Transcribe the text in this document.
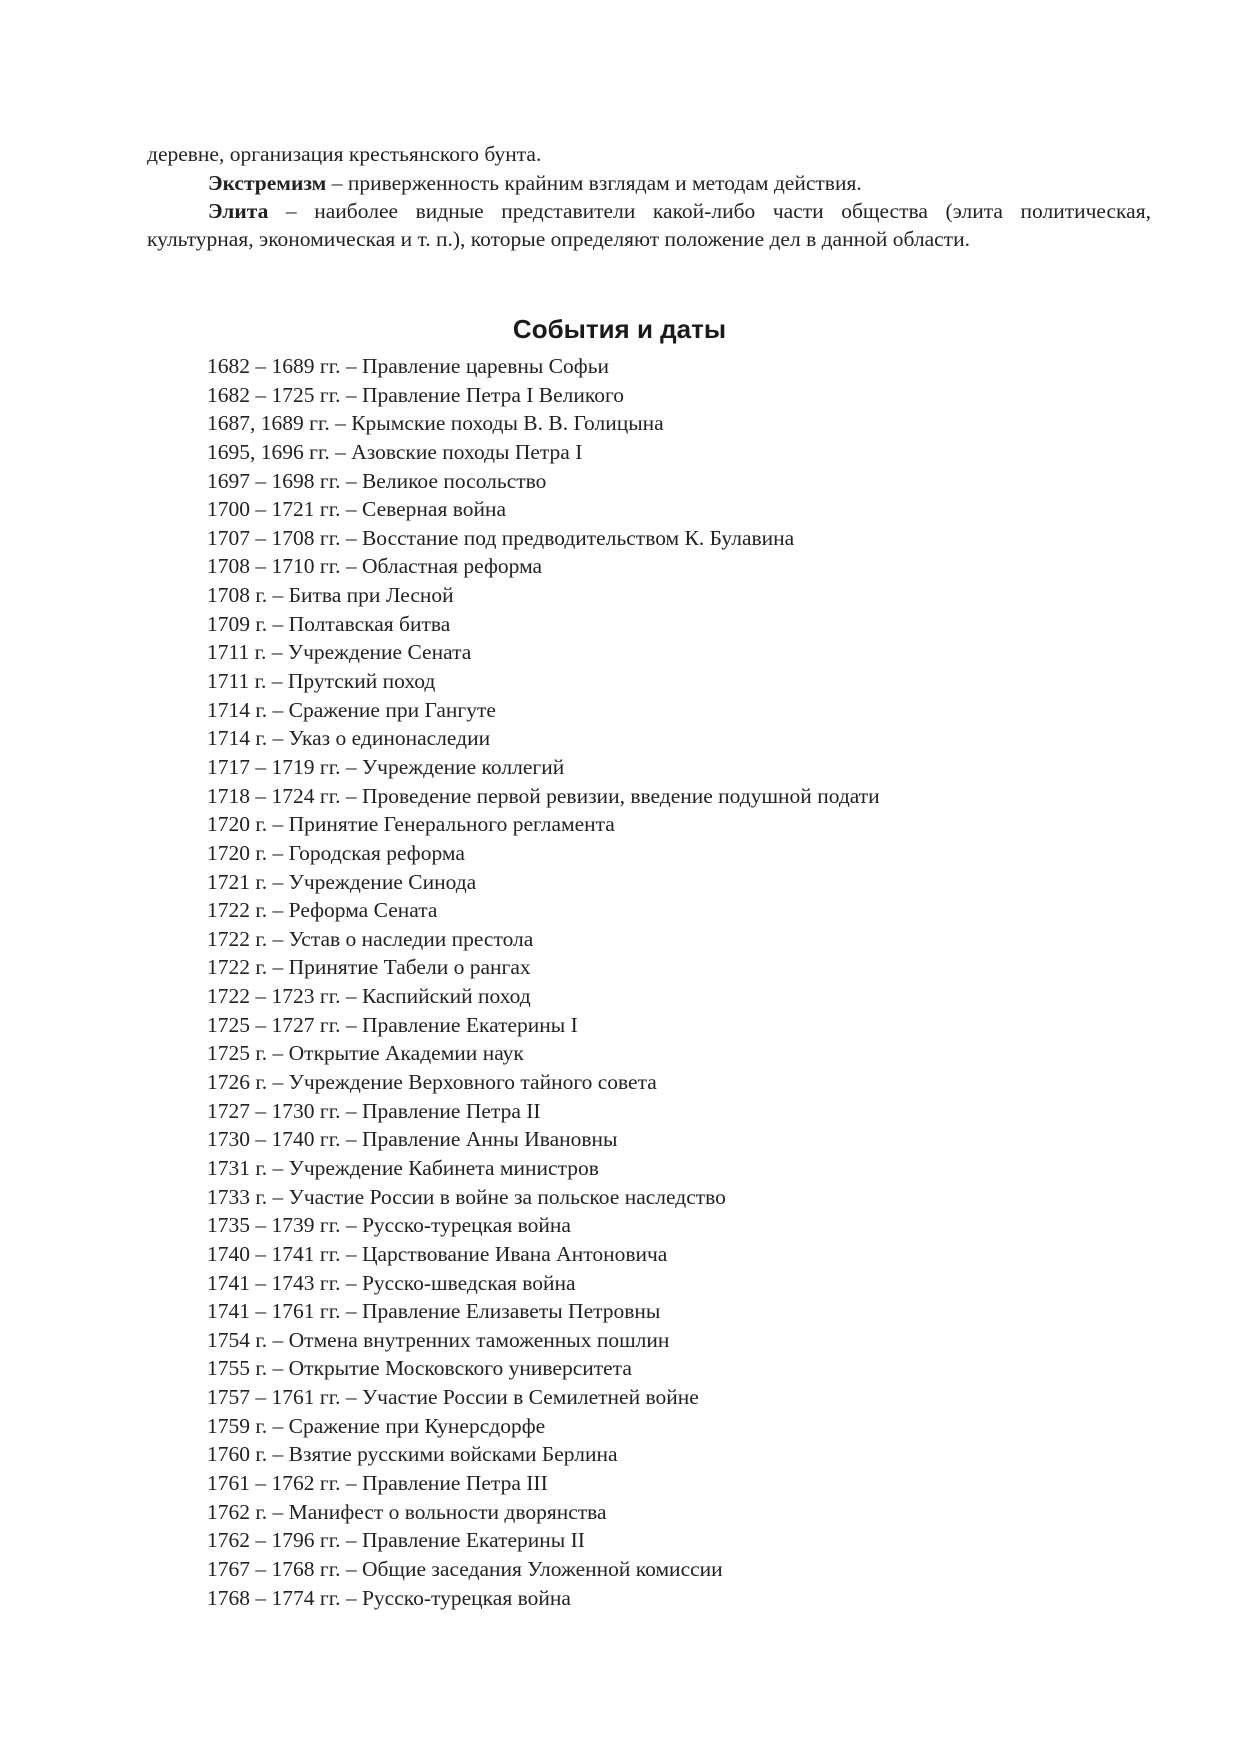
деревне, организация крестьянского бунта.

Экстремизм – приверженность крайним взглядам и методам действия.

Элита – наиболее видные представители какой-либо части общества (элита политическая, культурная, экономическая и т. п.), которые определяют положение дел в данной области.

События и даты
1682 – 1689 гг. – Правление царевны Софьи
1682 – 1725 гг. – Правление Петра I Великого
1687, 1689 гг. – Крымские походы В. В. Голицына
1695, 1696 гг. – Азовские походы Петра I
1697 – 1698 гг. – Великое посольство
1700 – 1721 гг. – Северная война
1707 – 1708 гг. – Восстание под предводительством К. Булавина
1708 – 1710 гг. – Областная реформа
1708 г. – Битва при Лесной
1709 г. – Полтавская битва
1711 г. – Учреждение Сената
1711 г. – Прутский поход
1714 г. – Сражение при Гангуте
1714 г. – Указ о единонаследии
1717 – 1719 гг. – Учреждение коллегий
1718 – 1724 гг. – Проведение первой ревизии, введение подушной подати
1720 г. – Принятие Генерального регламента
1720 г. – Городская реформа
1721 г. – Учреждение Синода
1722 г. – Реформа Сената
1722 г. – Устав о наследии престола
1722 г. – Принятие Табели о рангах
1722 – 1723 гг. – Каспийский поход
1725 – 1727 гг. – Правление Екатерины I
1725 г. – Открытие Академии наук
1726 г. – Учреждение Верховного тайного совета
1727 – 1730 гг. – Правление Петра II
1730 – 1740 гг. – Правление Анны Ивановны
1731 г. – Учреждение Кабинета министров
1733 г. – Участие России в войне за польское наследство
1735 – 1739 гг. – Русско-турецкая война
1740 – 1741 гг. – Царствование Ивана Антоновича
1741 – 1743 гг. – Русско-шведская война
1741 – 1761 гг. – Правление Елизаветы Петровны
1754 г. – Отмена внутренних таможенных пошлин
1755 г. – Открытие Московского университета
1757 – 1761 гг. – Участие России в Семилетней войне
1759 г. – Сражение при Кунерсдорфе
1760 г. – Взятие русскими войсками Берлина
1761 – 1762 гг. – Правление Петра III
1762 г. – Манифест о вольности дворянства
1762 – 1796 гг. – Правление Екатерины II
1767 – 1768 гг. – Общие заседания Уложенной комиссии
1768 – 1774 гг. – Русско-турецкая война
